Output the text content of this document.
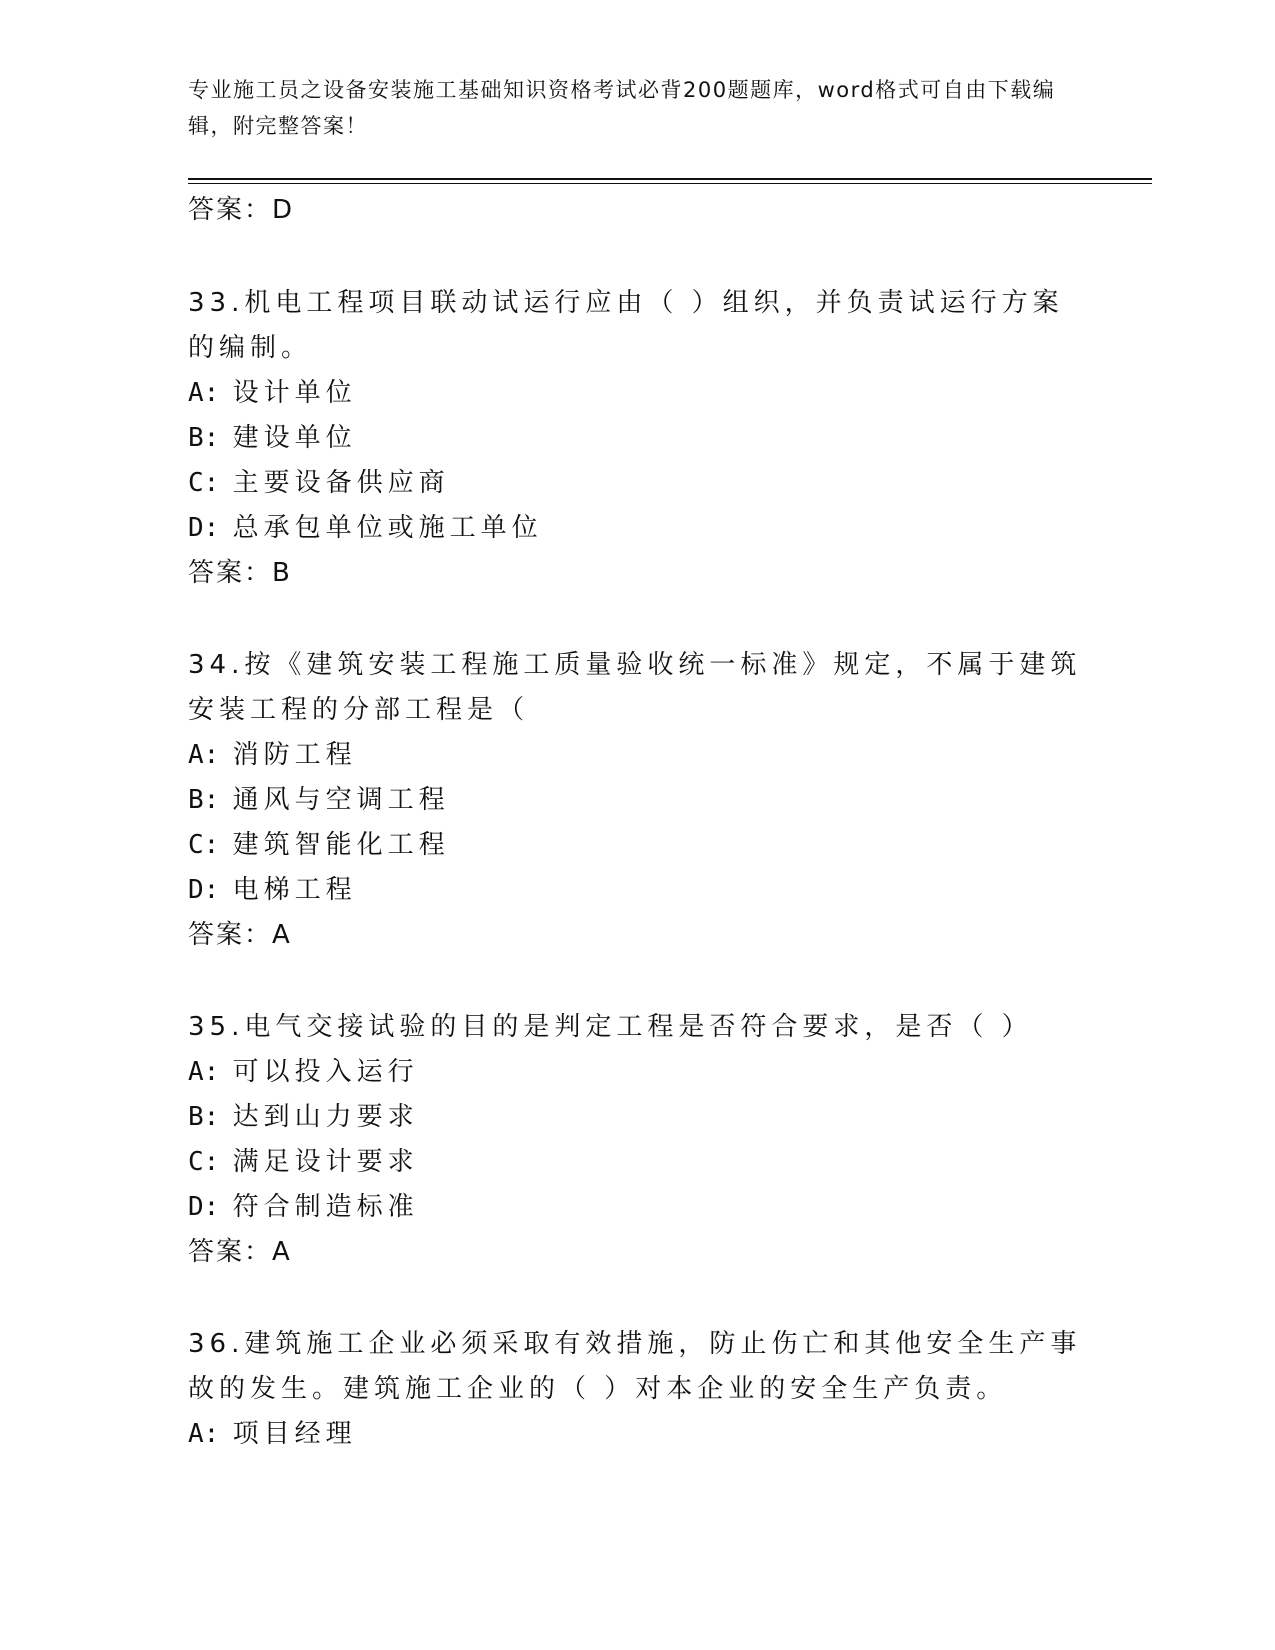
专业施工员之设备安装施工基础知识资格考试必背200题题库，word格式可自由下载编辑，附完整答案！
答案：D
33.机电工程项目联动试运行应由（ ）组织，并负责试运行方案的编制。
A: 设计单位
B: 建设单位
C: 主要设备供应商
D: 总承包单位或施工单位
答案：B
34.按《建筑安装工程施工质量验收统一标准》规定，不属于建筑安装工程的分部工程是（
A: 消防工程
B: 通风与空调工程
C: 建筑智能化工程
D: 电梯工程
答案：A
35.电气交接试验的目的是判定工程是否符合要求，是否（ ）
A: 可以投入运行
B: 达到山力要求
C: 满足设计要求
D: 符合制造标准
答案：A
36.建筑施工企业必须采取有效措施，防止伤亡和其他安全生产事故的发生。建筑施工企业的（ ）对本企业的安全生产负责。
A: 项目经理
